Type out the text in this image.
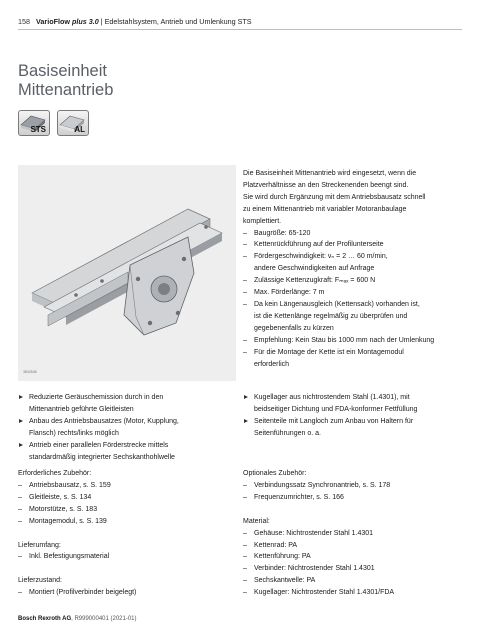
158 VarioFlow plus 3.0 | Edelstahlsystem, Antrieb und Umlenkung STS
Basiseinheit
Mittenantrieb
STS	AL
3842548
Die Basiseinheit Mittenantrieb wird eingesetzt, wenn die
Platzverhältnisse an den Streckenenden beengt sind.
Sie wird durch Ergänzung mit dem Antriebsbausatz schnell
zu einem Mittenantrieb mit variabler Motoranbaulage
komplettiert.
– Baugröße: 65-120
– Kettenrückführung auf der Profilunterseite
– Fördergeschwindigkeit: vₙ = 2 … 60 m/min,
andere Geschwindigkeiten auf Anfrage
– Zulässige Kettenzugkraft: Fₘₐₓ = 600 N
– Max. Förderlänge: 7 m
– Da kein Längenausgleich (Kettensack) vorhanden ist,
ist die Kettenlänge regelmäßig zu überprüfen und
gegebenenfalls zu kürzen
– Empfehlung: Kein Stau bis 1000 mm nach der Umlenkung
– Für die Montage der Kette ist ein Montagemodul
erforderlich
Reduzierte Geräuschemission durch in den
Mittenantrieb geführte Gleitleisten
Anbau des Antriebsbausatzes (Motor, Kupplung,
Flansch) rechts/links möglich
Antrieb einer parallelen Förderstrecke mittels
standardmäßig integrierter Sechskanthohlwelle
Kugellager aus nichtrostendem Stahl (1.4301), mit
beidseitiger Dichtung und FDA-konformer Fettfüllung
Seitenteile mit Langloch zum Anbau von Haltern für
Seitenführungen o. a.
Erforderliches Zubehör:
– Antriebsbausatz, s. S. 159
– Gleitleiste, s. S. 134
– Motorstütze, s. S. 183
– Montagemodul, s. S. 139
Lieferumfang:
– Inkl. Befestigungsmaterial
Lieferzustand:
– Montiert (Profilverbinder beigelegt)
Optionales Zubehör:
– Verbindungssatz Synchronantrieb, s. S. 178
– Frequenzumrichter, s. S. 166
Material:
– Gehäuse: Nichtrostender Stahl 1.4301
– Kettenrad: PA
– Kettenführung: PA
– Verbinder: Nichtrostender Stahl 1.4301
– Sechskantwelle: PA
– Kugellager: Nichtrostender Stahl 1.4301/FDA
Bosch Rexroth AG, R999000401 (2021-01)
